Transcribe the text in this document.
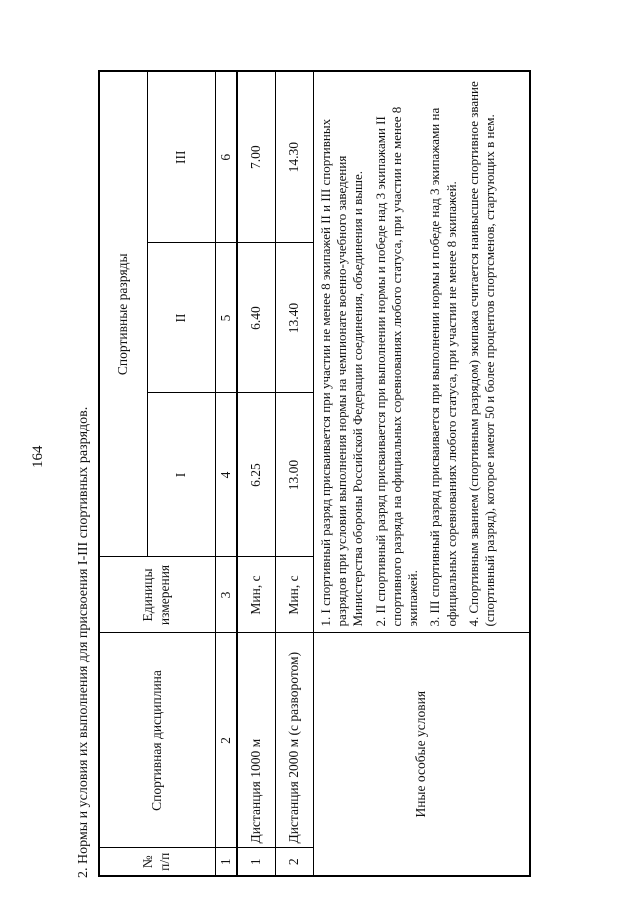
164 2. Нормы и условия их выполнения для присвоения I-III спортивных разрядов.	№ п/п	Спортивная дисциплина	Единицы измерения	Спортивные разряды		
			I	II	III
1	2	3	4	5	6
1	Дистанция 1000 м	Мин, с	6.25	6.40	7.00
2	Дистанция 2000 м (с разворотом)	Мин, с	13.00	13.40	14.30
Иные особые условия		1. I спортивный разряд присваивается при участии не менее 8 экипажей II и III спортивных разрядов при условии выполнения нормы на чемпионате военно-учебного заведения Министерства обороны Российской Федерации соединения, объединения и выше. 2. II спортивный разряд присваивается при выполнении нормы и победе над 3 экипажами II спортивного разряда на официальных соревнованиях любого статуса, при участии не менее 8 экипажей. 3. III спортивный разряд присваивается при выполнении нормы и победе над 3 экипажами на официальных соревнованиях любого статуса, при участии не менее 8 экипажей. 4. Спортивным званием (спортивным разрядом) экипажа считается наивысшее спортивное звание (спортивный разряд), которое имеют 50 и более процентов спортсменов, стартующих в нем.			
